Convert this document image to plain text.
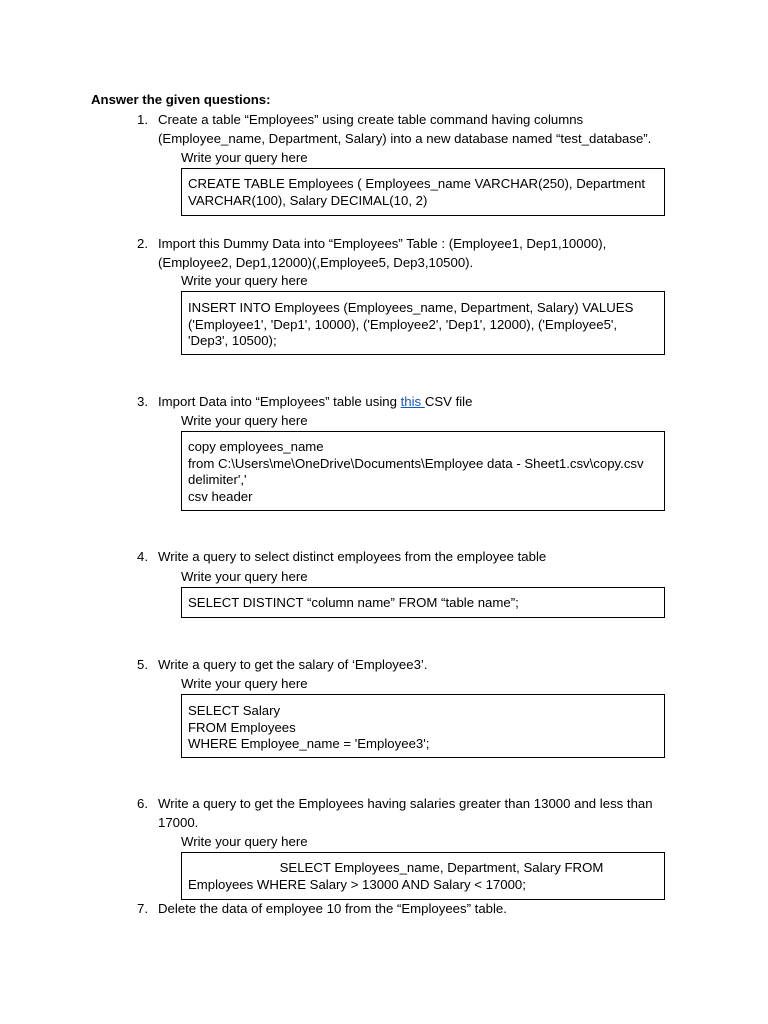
Answer the given questions:
1. Create a table “Employees” using create table command having columns
(Employee_name, Department, Salary) into a new database named “test_database”.
Write your query here
CREATE TABLE Employees ( Employees_name VARCHAR(250), Department
VARCHAR(100), Salary DECIMAL(10, 2)
2. Import this Dummy Data into “Employees” Table : (Employee1, Dep1,10000),
(Employee2, Dep1,12000)(,Employee5, Dep3,10500).
Write your query here
INSERT INTO Employees (Employees_name, Department, Salary) VALUES
('Employee1', 'Dep1', 10000), ('Employee2', 'Dep1', 12000), ('Employee5',
'Dep3', 10500);
3. Import Data into “Employees” table using this CSV file
Write your query here
copy employees_name
from C:\Users\me\OneDrive\Documents\Employee data - Sheet1.csv\copy.csv
delimiter','
csv header
4. Write a query to select distinct employees from the employee table
Write your query here
SELECT DISTINCT “column name” FROM “table name”;
5. Write a query to get the salary of ‘Employee3’.
Write your query here
SELECT Salary
FROM Employees
WHERE Employee_name = 'Employee3';
6. Write a query to get the Employees having salaries greater than 13000 and less than
17000.
Write your query here
SELECT Employees_name, Department, Salary FROM
Employees WHERE Salary > 13000 AND Salary < 17000;
7. Delete the data of employee 10 from the “Employees” table.
